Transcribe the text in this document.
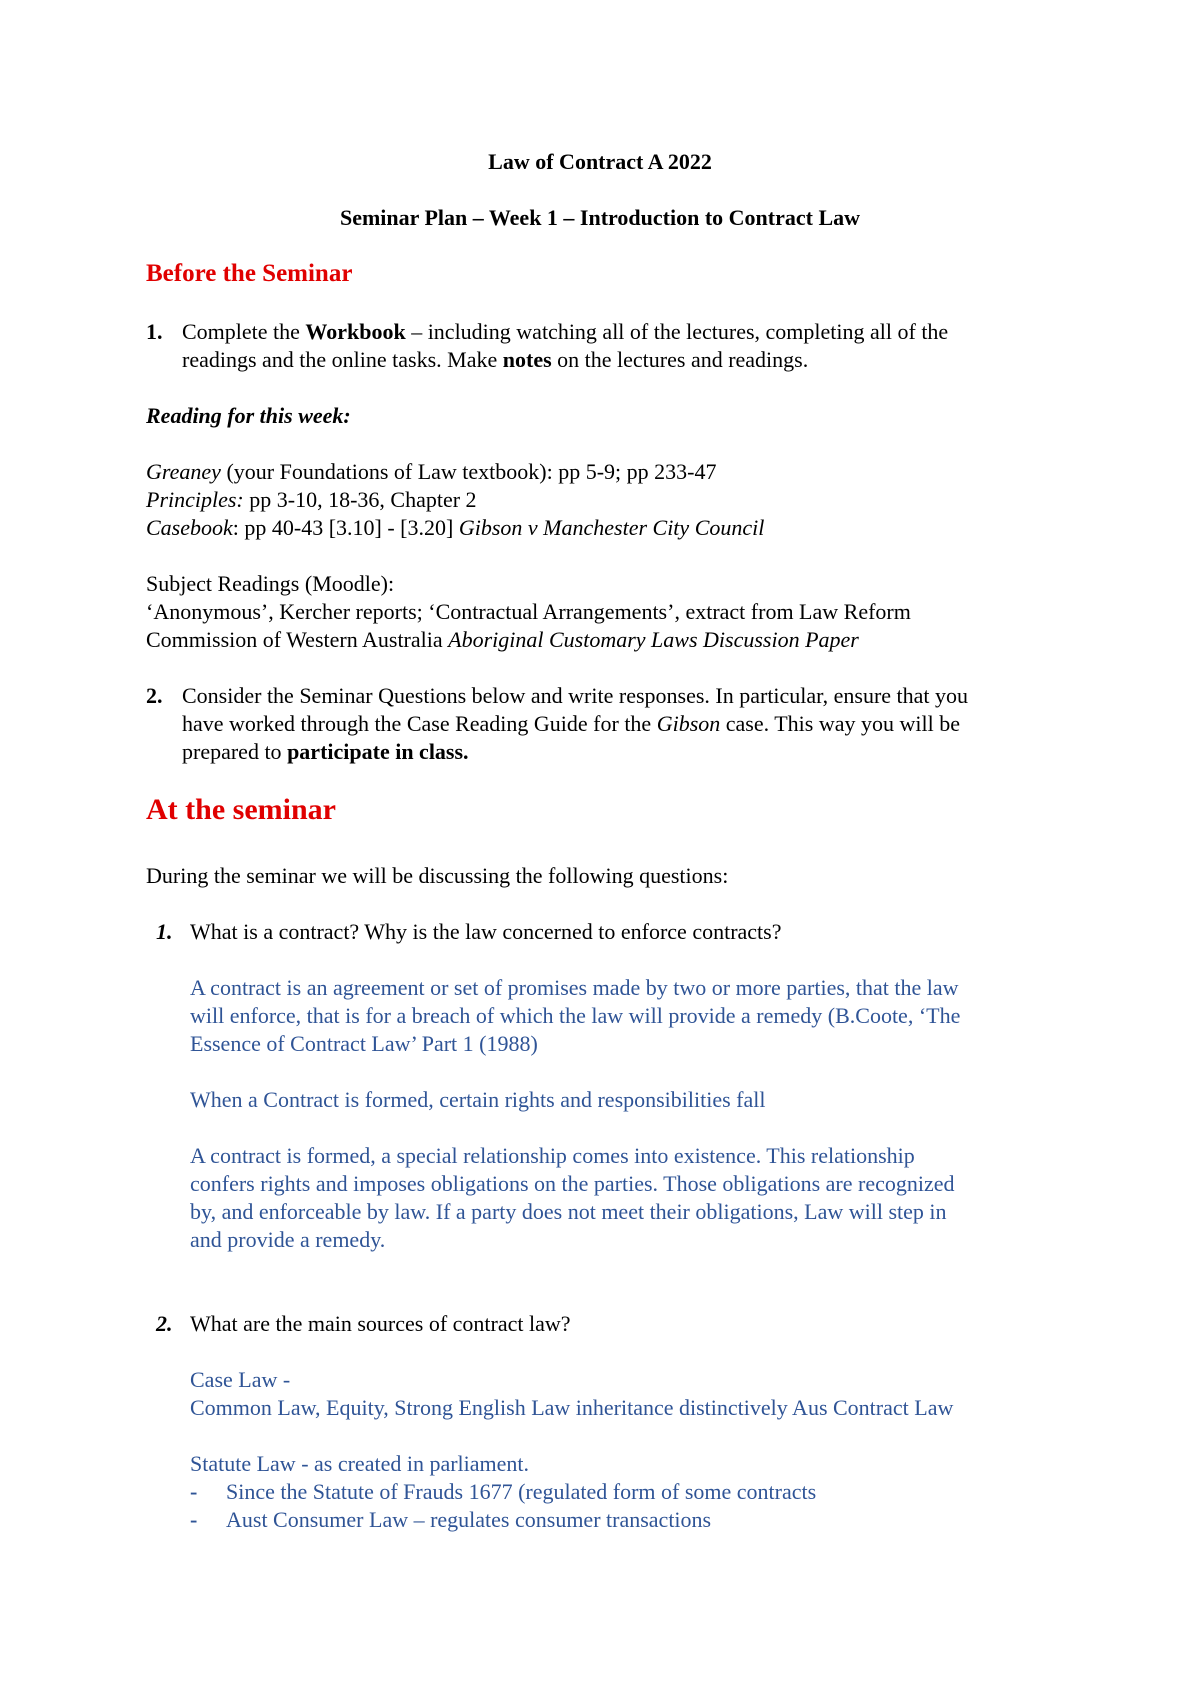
Law of Contract A 2022

Seminar Plan – Week 1 – Introduction to Contract Law

Before the Seminar

1. Complete the Workbook – including watching all of the lectures, completing all of the

readings and the online tasks. Make notes on the lectures and readings.

Reading for this week:

Greaney (your Foundations of Law textbook): pp 5-9; pp 233-47

Principles: pp 3-10, 18-36, Chapter 2

Casebook: pp 40-43 [3.10] - [3.20] Gibson v Manchester City Council

Subject Readings (Moodle):

‘Anonymous’, Kercher reports; ‘Contractual Arrangements’, extract from Law Reform

Commission of Western Australia Aboriginal Customary Laws Discussion Paper

2. Consider the Seminar Questions below and write responses. In particular, ensure that you

have worked through the Case Reading Guide for the Gibson case. This way you will be

prepared to participate in class.

At the seminar

During the seminar we will be discussing the following questions:

1. What is a contract? Why is the law concerned to enforce contracts?

A contract is an agreement or set of promises made by two or more parties, that the law

will enforce, that is for a breach of which the law will provide a remedy (B.Coote, ‘The

Essence of Contract Law’ Part 1 (1988)

When a Contract is formed, certain rights and responsibilities fall

A contract is formed, a special relationship comes into existence. This relationship

confers rights and imposes obligations on the parties. Those obligations are recognized

by, and enforceable by law. If a party does not meet their obligations, Law will step in

and provide a remedy.

2. What are the main sources of contract law?

Case Law -

Common Law, Equity, Strong English Law inheritance distinctively Aus Contract Law

Statute Law - as created in parliament.

- Since the Statute of Frauds 1677 (regulated form of some contracts

- Aust Consumer Law – regulates consumer transactions
